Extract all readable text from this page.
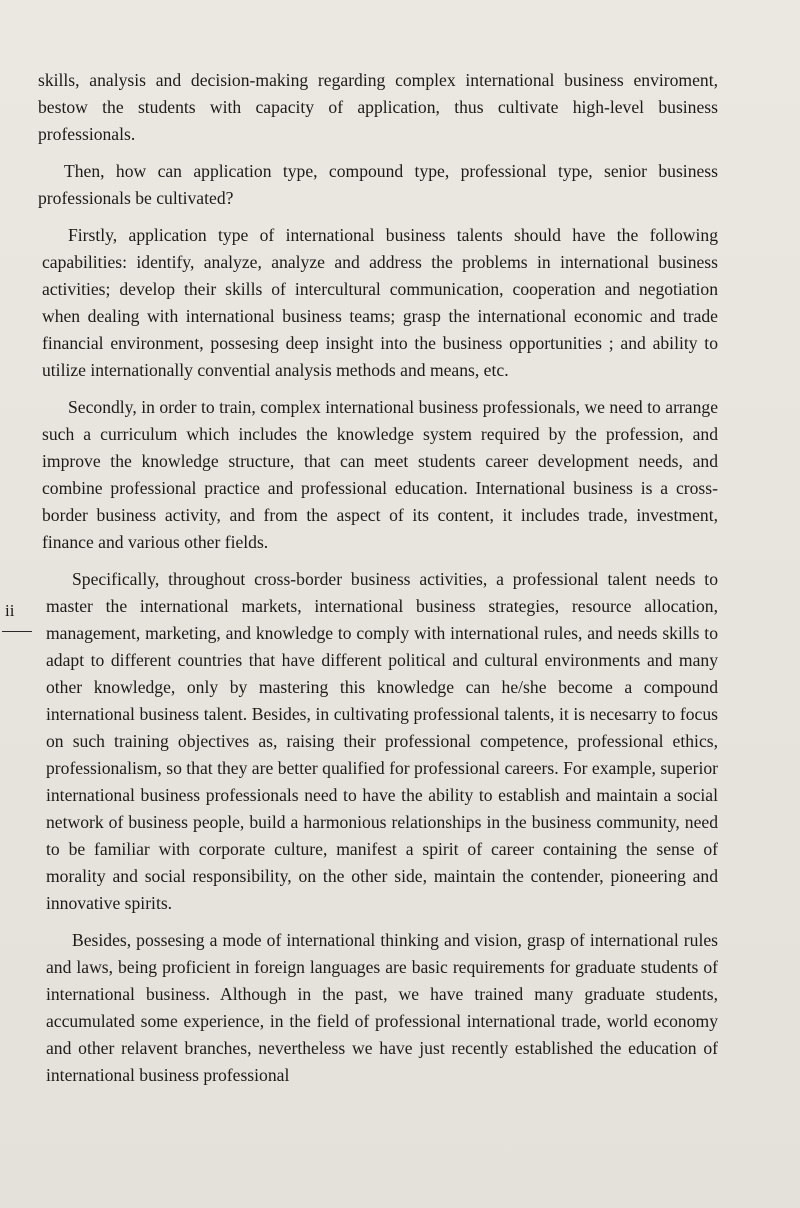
skills, analysis and decision-making regarding complex international business enviroment, bestow the students with capacity of application, thus cultivate high-level business professionals.

Then, how can application type, compound type, professional type, senior business professionals be cultivated?

Firstly, application type of international business talents should have the following capabilities: identify, analyze, analyze and address the problems in international business activities; develop their skills of intercultural communication, cooperation and negotiation when dealing with international business teams; grasp the international economic and trade financial environment, possesing deep insight into the business opportunities ; and ability to utilize internationally convential analysis methods and means, etc.

Secondly, in order to train, complex international business professionals, we need to arrange such a curriculum which includes the knowledge system required by the profession, and improve the knowledge structure, that can meet students career development needs, and combine professional practice and professional education. International business is a cross-border business activity, and from the aspect of its content, it includes trade, investment, finance and various other fields.

Specifically, throughout cross-border business activities, a professional talent needs to master the international markets, international business strategies, resource allocation, management, marketing, and knowledge to comply with international rules, and needs skills to adapt to different countries that have different political and cultural environments and many other knowledge, only by mastering this knowledge can he/she become a compound international business talent. Besides, in cultivating professional talents, it is necesarry to focus on such training objectives as, raising their professional competence, professional ethics, professionalism, so that they are better qualified for professional careers. For example, superior international business professionals need to have the ability to establish and maintain a social network of business people, build a harmonious relationships in the business community, need to be familiar with corporate culture, manifest a spirit of career containing the sense of morality and social responsibility, on the other side, maintain the contender, pioneering and innovative spirits.

Besides, possesing a mode of international thinking and vision, grasp of international rules and laws, being proficient in foreign languages are basic requirements for graduate students of international business. Although in the past, we have trained many graduate students, accumulated some experience, in the field of professional international trade, world economy and other relavent branches, nevertheless we have just recently established the education of international business professional

ii
